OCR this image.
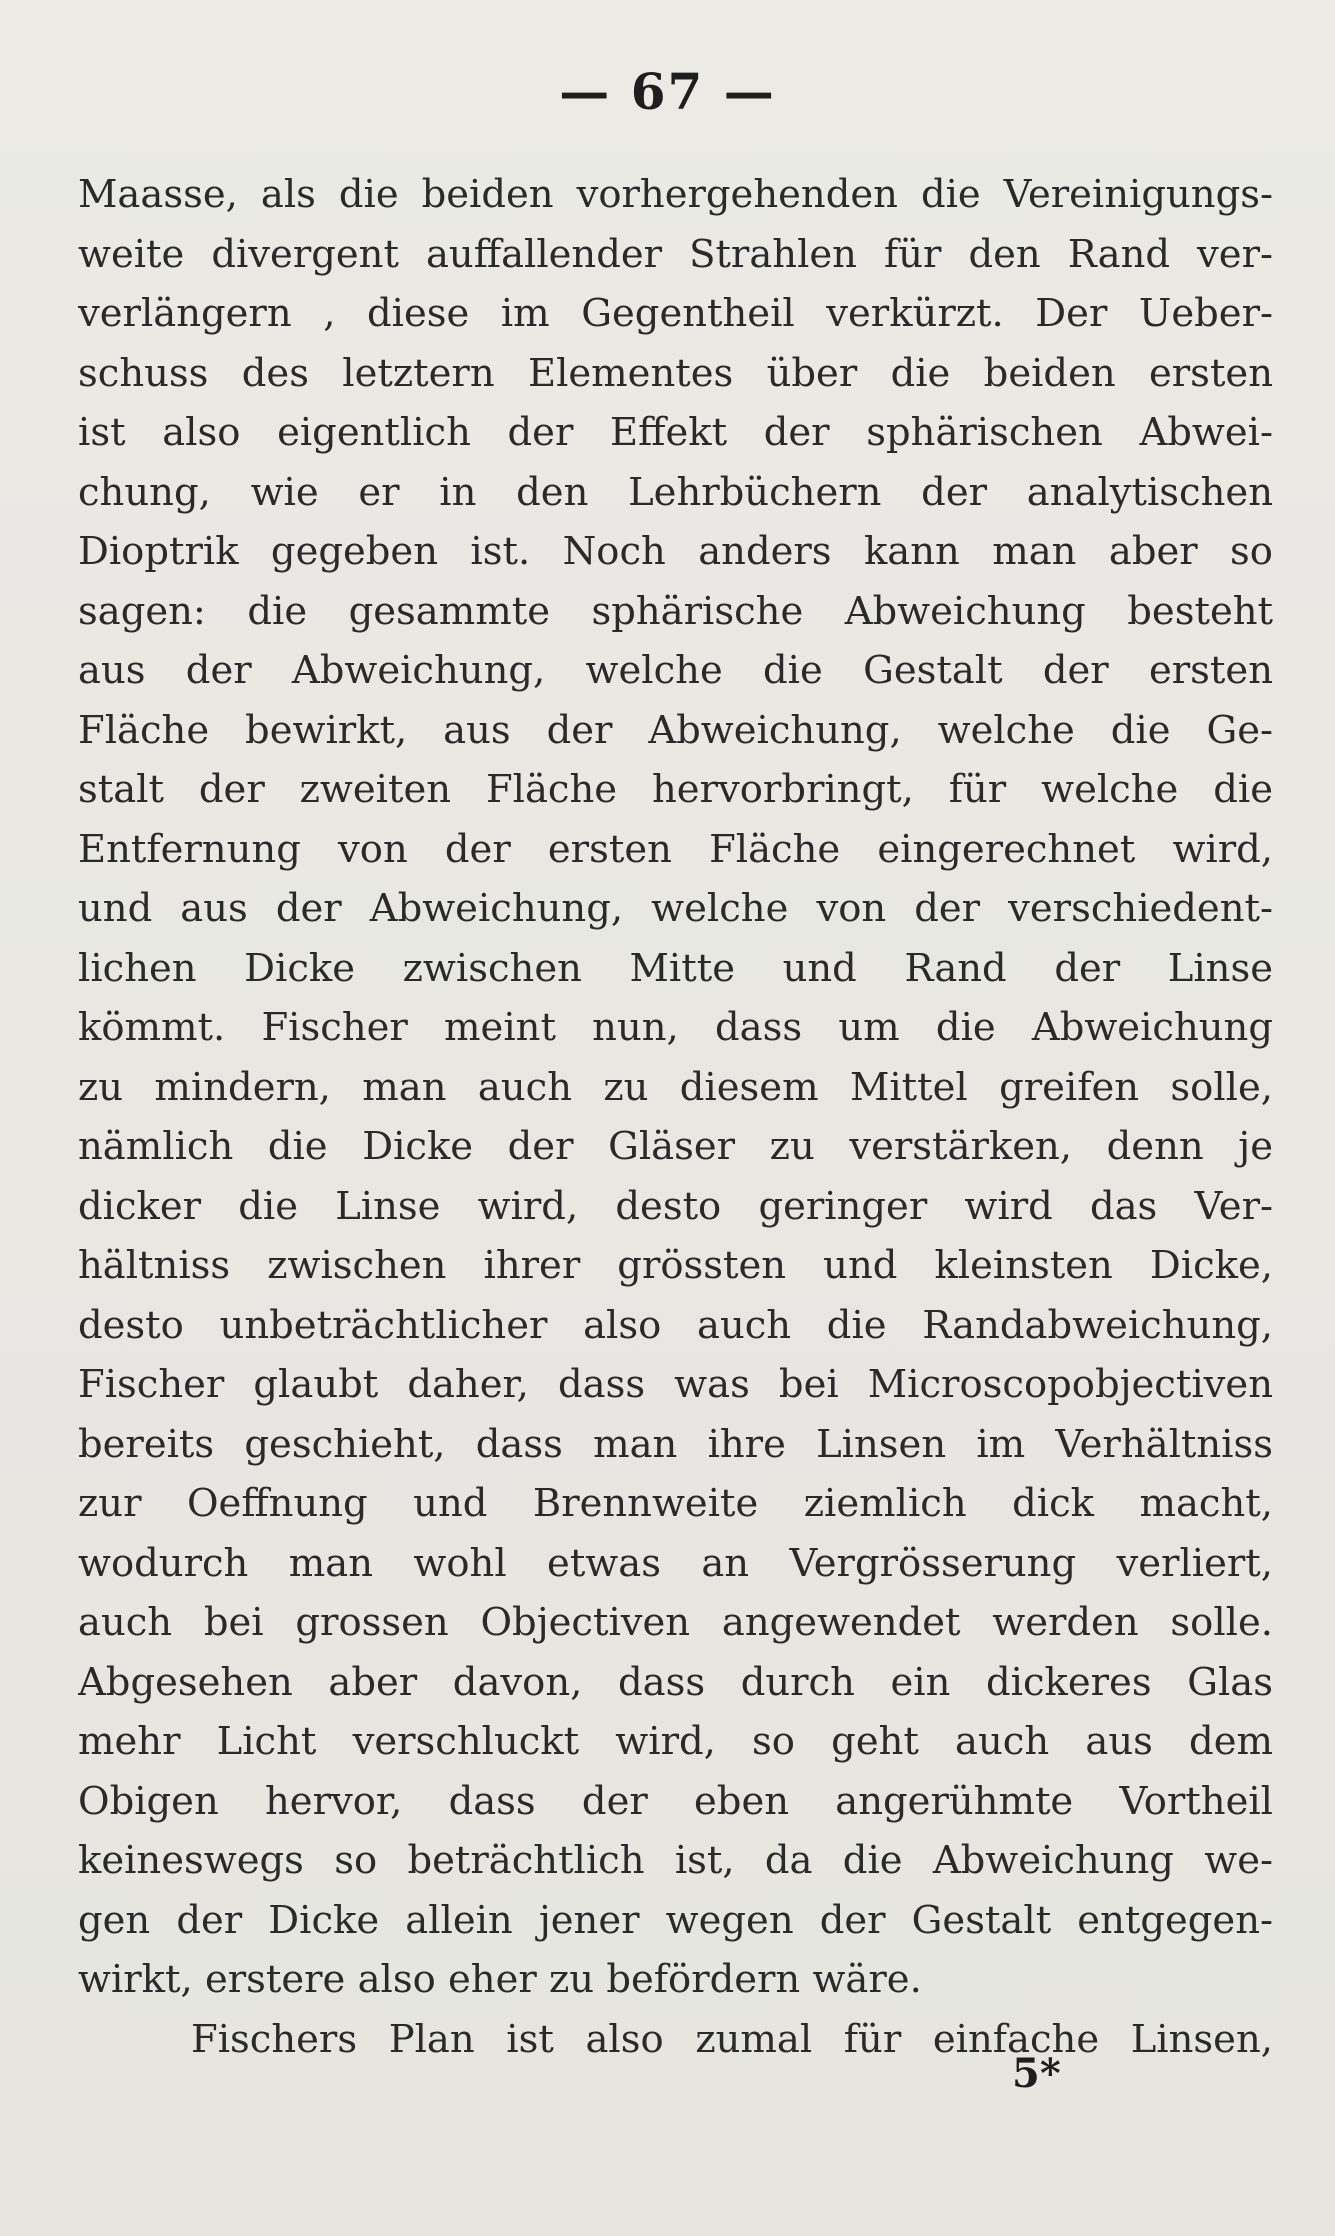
— 67 —
Maasse, als die beiden vorhergehenden die Vereinigungs-
weite divergent auffallender Strahlen für den Rand ver-
verlängern , diese im Gegentheil verkürzt. Der Ueber-
schuss des letztern Elementes über die beiden ersten
ist also eigentlich der Effekt der sphärischen Abwei-
chung, wie er in den Lehrbüchern der analytischen
Dioptrik gegeben ist. Noch anders kann man aber so
sagen: die gesammte sphärische Abweichung besteht
aus der Abweichung, welche die Gestalt der ersten
Fläche bewirkt, aus der Abweichung, welche die Ge-
stalt der zweiten Fläche hervorbringt, für welche die
Entfernung von der ersten Fläche eingerechnet wird,
und aus der Abweichung, welche von der verschiedent-
lichen Dicke zwischen Mitte und Rand der Linse
kömmt. Fischer meint nun, dass um die Abweichung
zu mindern, man auch zu diesem Mittel greifen solle,
nämlich die Dicke der Gläser zu verstärken, denn je
dicker die Linse wird, desto geringer wird das Ver-
hältniss zwischen ihrer grössten und kleinsten Dicke,
desto unbeträchtlicher also auch die Randabweichung,
Fischer glaubt daher, dass was bei Microscopobjectiven
bereits geschieht, dass man ihre Linsen im Verhältniss
zur Oeffnung und Brennweite ziemlich dick macht,
wodurch man wohl etwas an Vergrösserung verliert,
auch bei grossen Objectiven angewendet werden solle.
Abgesehen aber davon, dass durch ein dickeres Glas
mehr Licht verschluckt wird, so geht auch aus dem
Obigen hervor, dass der eben angerühmte Vortheil
keineswegs so beträchtlich ist, da die Abweichung we-
gen der Dicke allein jener wegen der Gestalt entgegen-
wirkt, erstere also eher zu befördern wäre.
Fischers Plan ist also zumal für einfache Linsen,
5*
